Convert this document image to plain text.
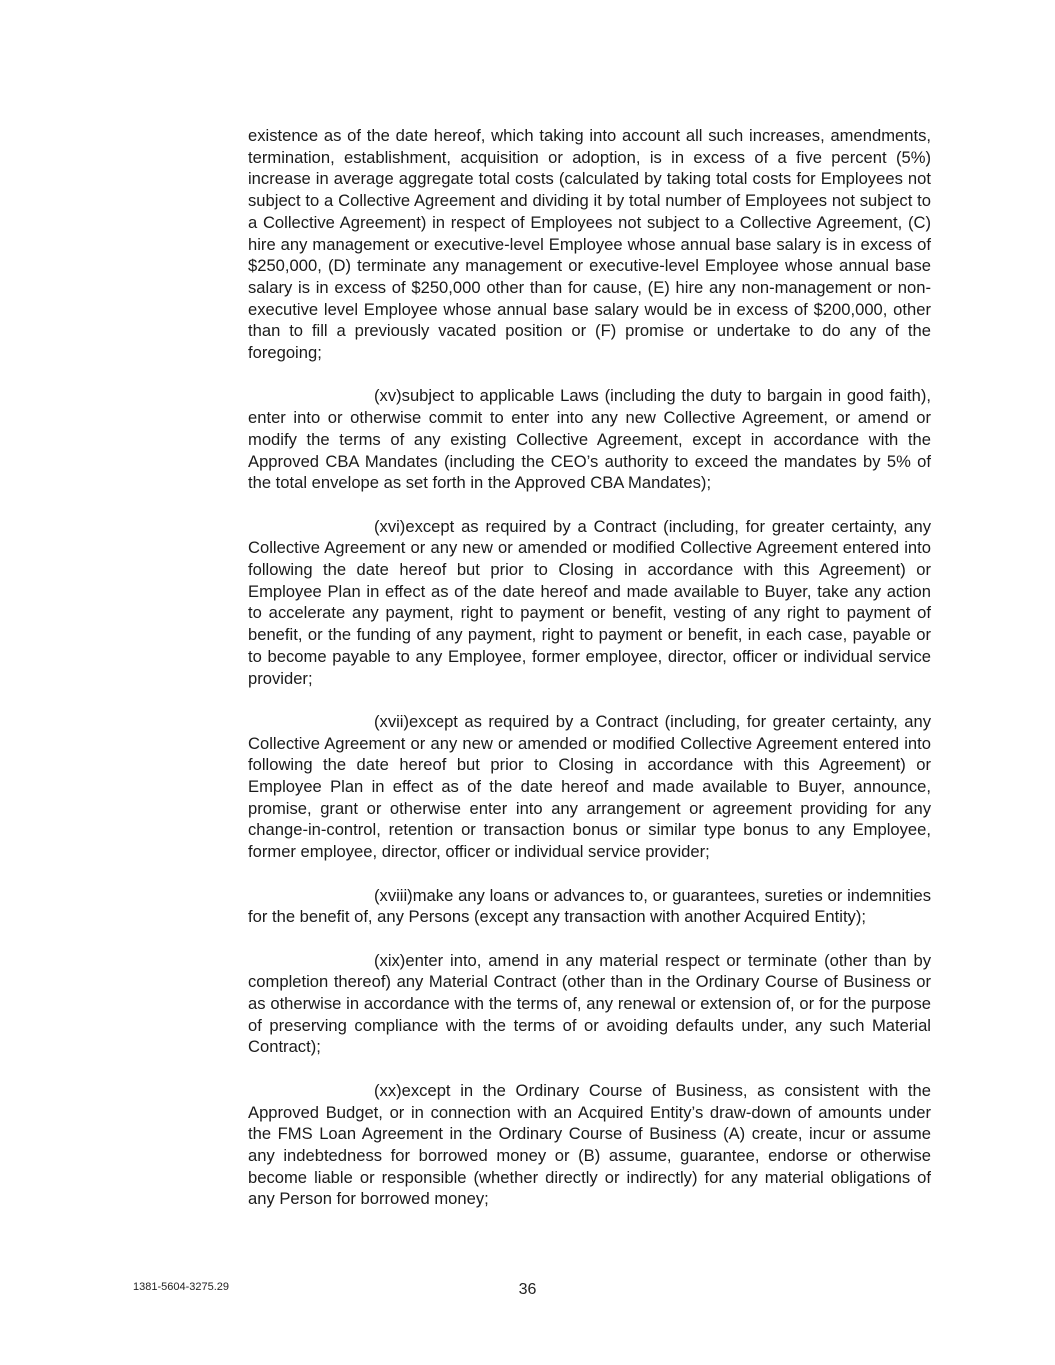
existence as of the date hereof, which taking into account all such increases, amendments, termination, establishment, acquisition or adoption, is in excess of a five percent (5%) increase in average aggregate total costs (calculated by taking total costs for Employees not subject to a Collective Agreement and dividing it by total number of Employees not subject to a Collective Agreement) in respect of Employees not subject to a Collective Agreement, (C) hire any management or executive-level Employee whose annual base salary is in excess of $250,000, (D) terminate any management or executive-level Employee whose annual base salary is in excess of $250,000 other than for cause, (E) hire any non-management or non-executive level Employee whose annual base salary would be in excess of $200,000, other than to fill a previously vacated position or (F) promise or undertake to do any of the foregoing;

(xv)subject to applicable Laws (including the duty to bargain in good faith), enter into or otherwise commit to enter into any new Collective Agreement, or amend or modify the terms of any existing Collective Agreement, except in accordance with the Approved CBA Mandates (including the CEO’s authority to exceed the mandates by 5% of the total envelope as set forth in the Approved CBA Mandates);

(xvi)except as required by a Contract (including, for greater certainty, any Collective Agreement or any new or amended or modified Collective Agreement entered into following the date hereof but prior to Closing in accordance with this Agreement) or Employee Plan in effect as of the date hereof and made available to Buyer, take any action to accelerate any payment, right to payment or benefit, vesting of any right to payment of benefit, or the funding of any payment, right to payment or benefit, in each case, payable or to become payable to any Employee, former employee, director, officer or individual service provider;

(xvii)except as required by a Contract (including, for greater certainty, any Collective Agreement or any new or amended or modified Collective Agreement entered into following the date hereof but prior to Closing in accordance with this Agreement) or Employee Plan in effect as of the date hereof and made available to Buyer, announce, promise, grant or otherwise enter into any arrangement or agreement providing for any change-in-control, retention or transaction bonus or similar type bonus to any Employee, former employee, director, officer or individual service provider;

(xviii)make any loans or advances to, or guarantees, sureties or indemnities for the benefit of, any Persons (except any transaction with another Acquired Entity);

(xix)enter into, amend in any material respect or terminate (other than by completion thereof) any Material Contract (other than in the Ordinary Course of Business or as otherwise in accordance with the terms of, any renewal or extension of, or for the purpose of preserving compliance with the terms of or avoiding defaults under, any such Material Contract);

(xx)except in the Ordinary Course of Business, as consistent with the Approved Budget, or in connection with an Acquired Entity’s draw-down of amounts under the FMS Loan Agreement in the Ordinary Course of Business (A) create, incur or assume any indebtedness for borrowed money or (B) assume, guarantee, endorse or otherwise become liable or responsible (whether directly or indirectly) for any material obligations of any Person for borrowed money;

1381-5604-3275.29	36
